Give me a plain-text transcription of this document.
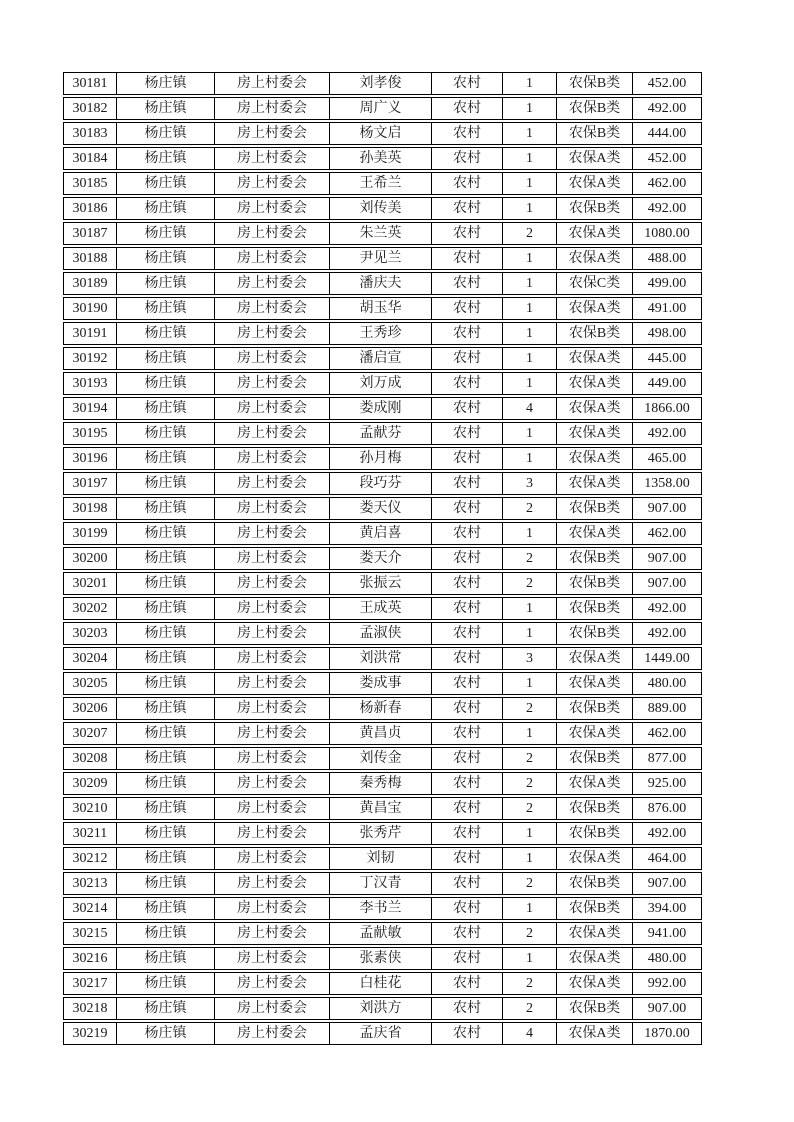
30181	杨庄镇	房上村委会	刘孝俊	农村	1	农保B类	452.00
30182	杨庄镇	房上村委会	周广义	农村	1	农保B类	492.00
30183	杨庄镇	房上村委会	杨文启	农村	1	农保B类	444.00
30184	杨庄镇	房上村委会	孙美英	农村	1	农保A类	452.00
30185	杨庄镇	房上村委会	王希兰	农村	1	农保A类	462.00
30186	杨庄镇	房上村委会	刘传美	农村	1	农保B类	492.00
30187	杨庄镇	房上村委会	朱兰英	农村	2	农保A类	1080.00
30188	杨庄镇	房上村委会	尹见兰	农村	1	农保A类	488.00
30189	杨庄镇	房上村委会	潘庆夫	农村	1	农保C类	499.00
30190	杨庄镇	房上村委会	胡玉华	农村	1	农保A类	491.00
30191	杨庄镇	房上村委会	王秀珍	农村	1	农保B类	498.00
30192	杨庄镇	房上村委会	潘启宣	农村	1	农保A类	445.00
30193	杨庄镇	房上村委会	刘万成	农村	1	农保A类	449.00
30194	杨庄镇	房上村委会	娄成刚	农村	4	农保A类	1866.00
30195	杨庄镇	房上村委会	孟献芬	农村	1	农保A类	492.00
30196	杨庄镇	房上村委会	孙月梅	农村	1	农保A类	465.00
30197	杨庄镇	房上村委会	段巧芬	农村	3	农保A类	1358.00
30198	杨庄镇	房上村委会	娄天仪	农村	2	农保B类	907.00
30199	杨庄镇	房上村委会	黄启喜	农村	1	农保A类	462.00
30200	杨庄镇	房上村委会	娄天介	农村	2	农保B类	907.00
30201	杨庄镇	房上村委会	张振云	农村	2	农保B类	907.00
30202	杨庄镇	房上村委会	王成英	农村	1	农保B类	492.00
30203	杨庄镇	房上村委会	孟淑侠	农村	1	农保B类	492.00
30204	杨庄镇	房上村委会	刘洪常	农村	3	农保A类	1449.00
30205	杨庄镇	房上村委会	娄成事	农村	1	农保A类	480.00
30206	杨庄镇	房上村委会	杨新春	农村	2	农保B类	889.00
30207	杨庄镇	房上村委会	黄昌贞	农村	1	农保A类	462.00
30208	杨庄镇	房上村委会	刘传金	农村	2	农保B类	877.00
30209	杨庄镇	房上村委会	秦秀梅	农村	2	农保A类	925.00
30210	杨庄镇	房上村委会	黄昌宝	农村	2	农保B类	876.00
30211	杨庄镇	房上村委会	张秀芹	农村	1	农保B类	492.00
30212	杨庄镇	房上村委会	刘韧	农村	1	农保A类	464.00
30213	杨庄镇	房上村委会	丁汉青	农村	2	农保B类	907.00
30214	杨庄镇	房上村委会	李书兰	农村	1	农保B类	394.00
30215	杨庄镇	房上村委会	孟献敏	农村	2	农保A类	941.00
30216	杨庄镇	房上村委会	张素侠	农村	1	农保A类	480.00
30217	杨庄镇	房上村委会	白桂花	农村	2	农保A类	992.00
30218	杨庄镇	房上村委会	刘洪方	农村	2	农保B类	907.00
30219	杨庄镇	房上村委会	孟庆省	农村	4	农保A类	1870.00
